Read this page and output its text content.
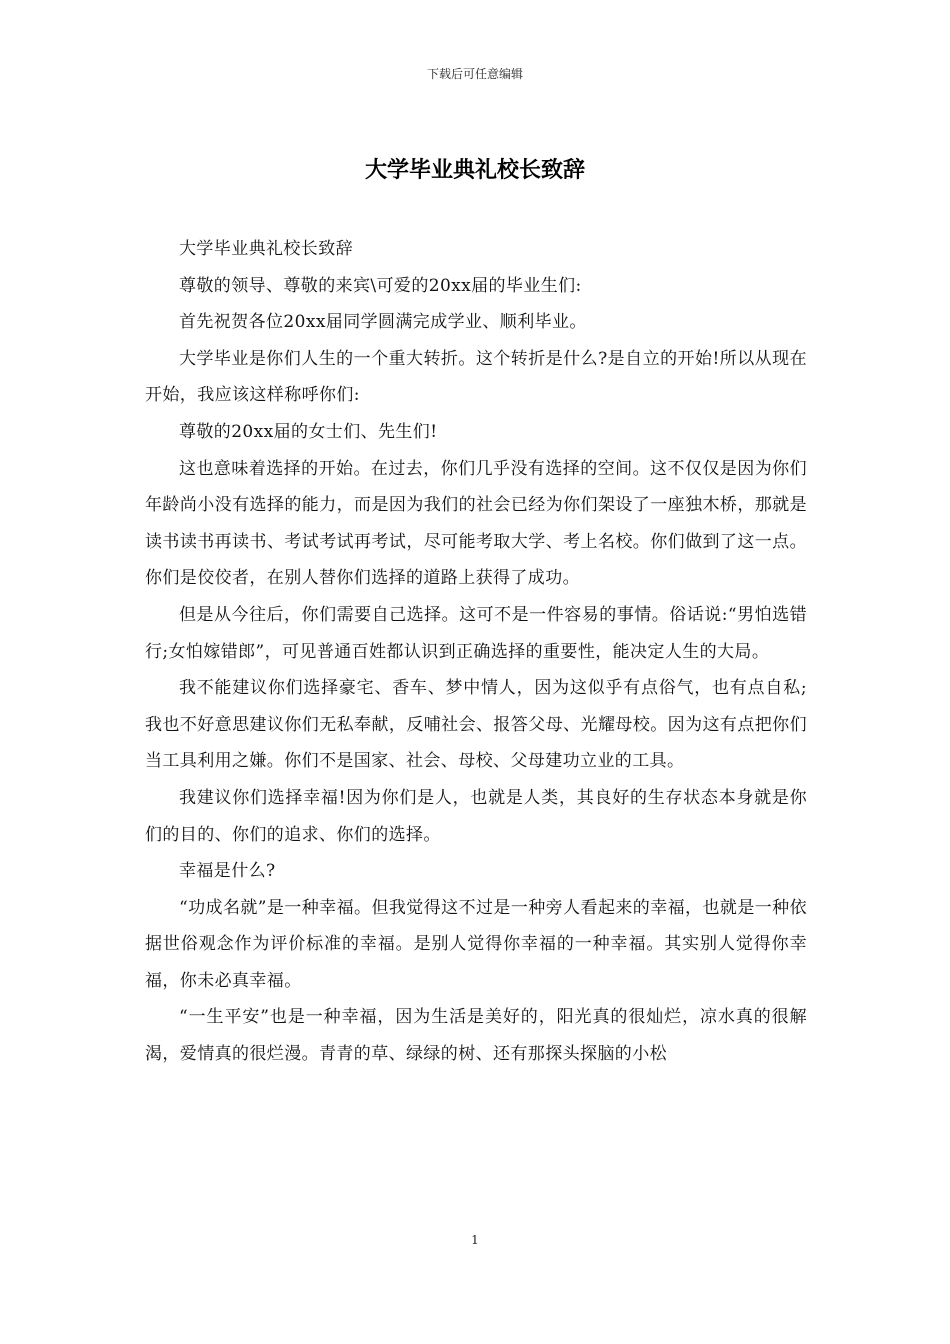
下载后可任意编辑
大学毕业典礼校长致辞

大学毕业典礼校长致辞

尊敬的领导、尊敬的来宾\可爱的20xx届的毕业生们:

首先祝贺各位20xx届同学圆满完成学业、顺利毕业。

大学毕业是你们人生的一个重大转折。这个转折是什么?是自立的开始!所以从现在开始，我应该这样称呼你们:

尊敬的20xx届的女士们、先生们!

这也意味着选择的开始。在过去，你们几乎没有选择的空间。这不仅仅是因为你们年龄尚小没有选择的能力，而是因为我们的社会已经为你们架设了一座独木桥，那就是读书读书再读书、考试考试再考试，尽可能考取大学、考上名校。你们做到了这一点。你们是佼佼者，在别人替你们选择的道路上获得了成功。

但是从今往后，你们需要自己选择。这可不是一件容易的事情。俗话说:“男怕选错行;女怕嫁错郎”，可见普通百姓都认识到正确选择的重要性，能决定人生的大局。

我不能建议你们选择豪宅、香车、梦中情人，因为这似乎有点俗气，也有点自私;我也不好意思建议你们无私奉献，反哺社会、报答父母、光耀母校。因为这有点把你们当工具利用之嫌。你们不是国家、社会、母校、父母建功立业的工具。

我建议你们选择幸福!因为你们是人，也就是人类，其良好的生存状态本身就是你们的目的、你们的追求、你们的选择。

幸福是什么?

“功成名就”是一种幸福。但我觉得这不过是一种旁人看起来的幸福，也就是一种依据世俗观念作为评价标准的幸福。是别人觉得你幸福的一种幸福。其实别人觉得你幸福，你未必真幸福。

“一生平安”也是一种幸福，因为生活是美好的，阳光真的很灿烂，凉水真的很解渴，爱情真的很烂漫。青青的草、绿绿的树、还有那探头探脑的小松

1
